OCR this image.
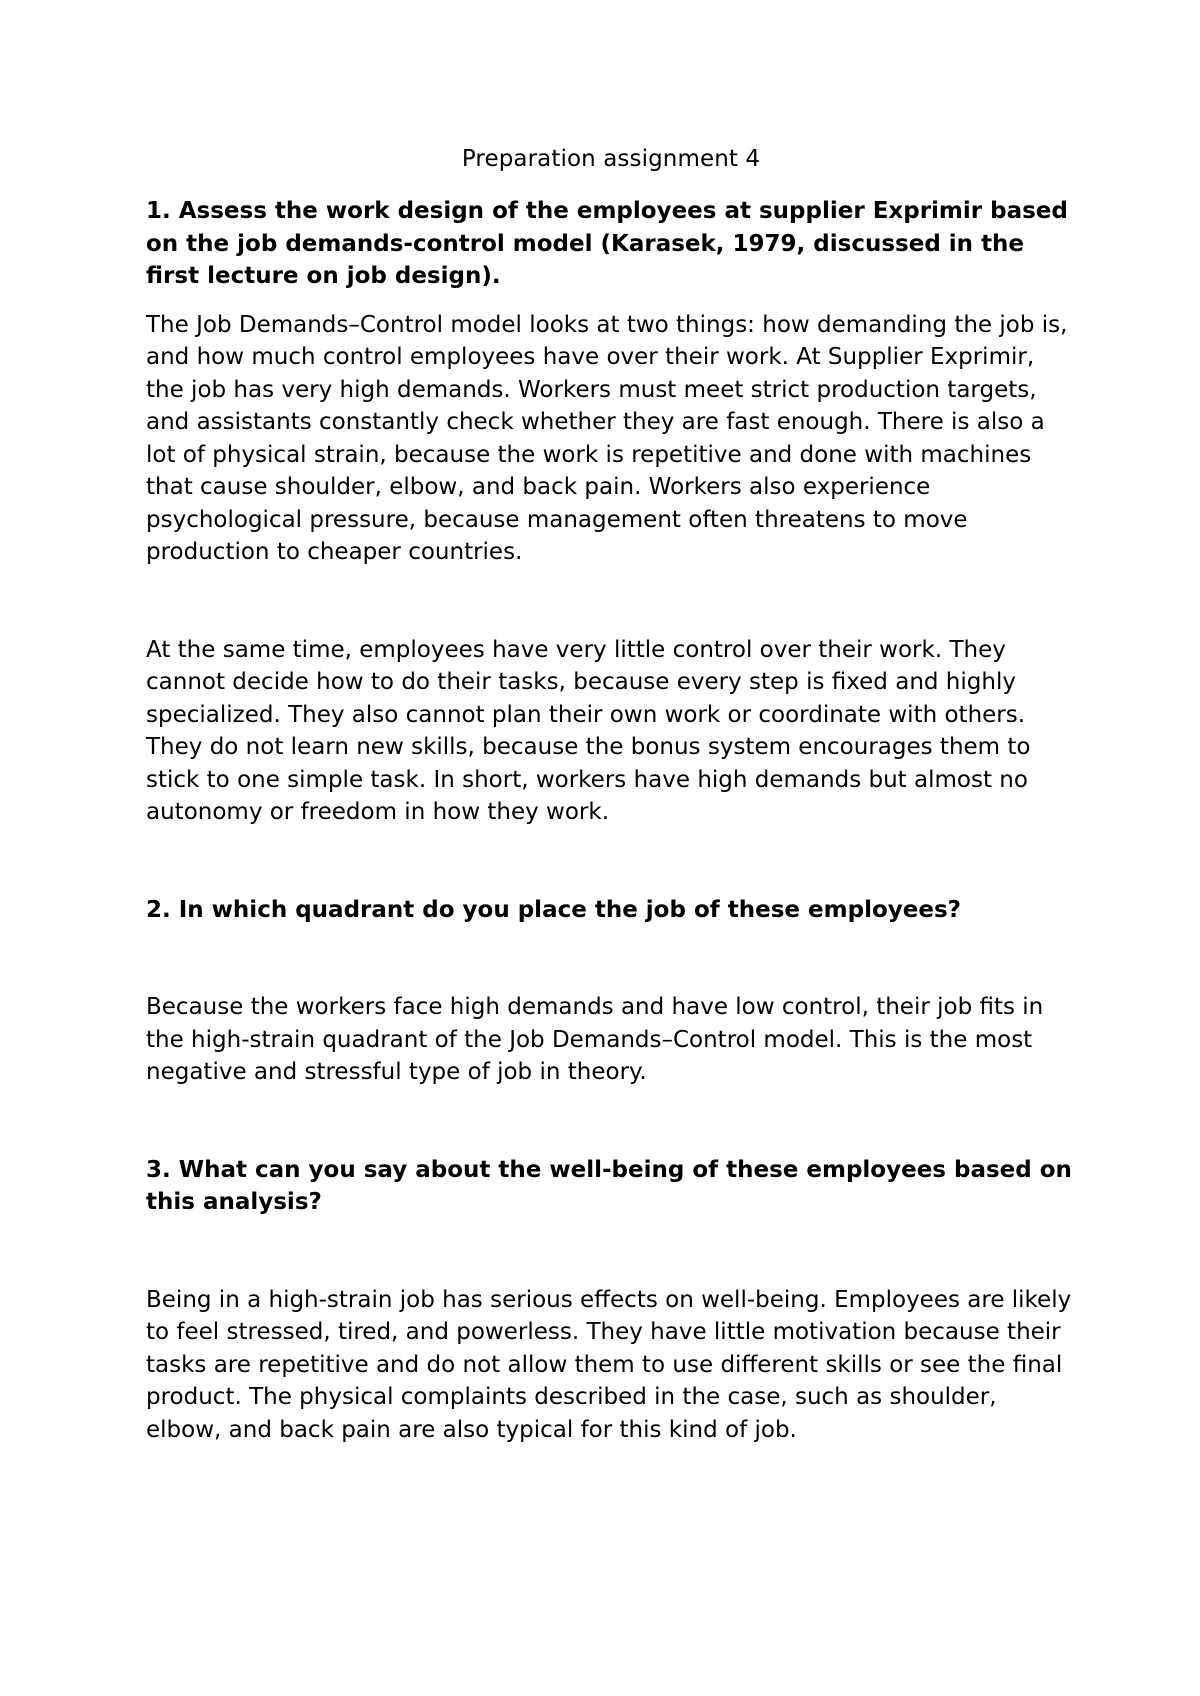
Preparation assignment 4

1. Assess the work design of the employees at supplier Exprimir based on the job demands-control model (Karasek, 1979, discussed in the first lecture on job design).

The Job Demands–Control model looks at two things: how demanding the job is, and how much control employees have over their work. At Supplier Exprimir, the job has very high demands. Workers must meet strict production targets, and assistants constantly check whether they are fast enough. There is also a lot of physical strain, because the work is repetitive and done with machines that cause shoulder, elbow, and back pain. Workers also experience psychological pressure, because management often threatens to move production to cheaper countries.

At the same time, employees have very little control over their work. They cannot decide how to do their tasks, because every step is fixed and highly specialized. They also cannot plan their own work or coordinate with others. They do not learn new skills, because the bonus system encourages them to stick to one simple task. In short, workers have high demands but almost no autonomy or freedom in how they work.

2. In which quadrant do you place the job of these employees?

Because the workers face high demands and have low control, their job fits in the high-strain quadrant of the Job Demands–Control model. This is the most negative and stressful type of job in theory.

3. What can you say about the well-being of these employees based on this analysis?

Being in a high-strain job has serious effects on well-being. Employees are likely to feel stressed, tired, and powerless. They have little motivation because their tasks are repetitive and do not allow them to use different skills or see the final product. The physical complaints described in the case, such as shoulder, elbow, and back pain are also typical for this kind of job.
